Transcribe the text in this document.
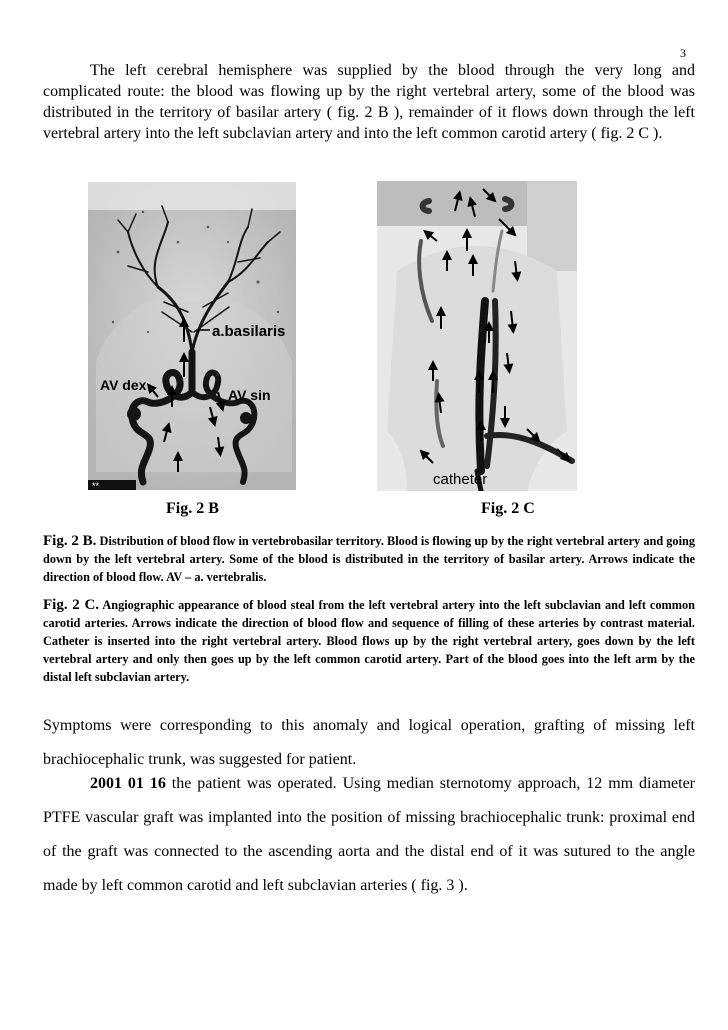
3

The left cerebral hemisphere was supplied by the blood through the very long and complicated route: the blood was flowing up by the right vertebral artery, some of the blood was distributed in the territory of basilar artery ( fig. 2 B ), remainder of it flows down through the left vertebral artery into the left subclavian artery and into the left common carotid artery ( fig. 2 C ).

a.basilaris
AV dex
AV sin
**	catheter
Fig. 2 B	Fig. 2 C

Fig. 2 B. Distribution of blood flow in vertebrobasilar territory. Blood is flowing up by the right vertebral artery and going down by the left vertebral artery. Some of the blood is distributed in the territory of basilar artery. Arrows indicate the direction of blood flow. AV – a. vertebralis.

Fig. 2 C. Angiographic appearance of blood steal from the left vertebral artery into the left subclavian and left common carotid arteries. Arrows indicate the direction of blood flow and sequence of filling of these arteries by contrast material. Catheter is inserted into the right vertebral artery. Blood flows up by the right vertebral artery, goes down by the left vertebral artery and only then goes up by the left common carotid artery. Part of the blood goes into the left arm by the distal left subclavian artery.

Symptoms were corresponding to this anomaly and logical operation, grafting of missing left brachiocephalic trunk, was suggested for patient.

2001 01 16 the patient was operated. Using median sternotomy approach, 12 mm diameter PTFE vascular graft was implanted into the position of missing brachiocephalic trunk: proximal end of the graft was connected to the ascending aorta and the distal end of it was sutured to the angle made by left common carotid and left subclavian arteries ( fig. 3 ).
